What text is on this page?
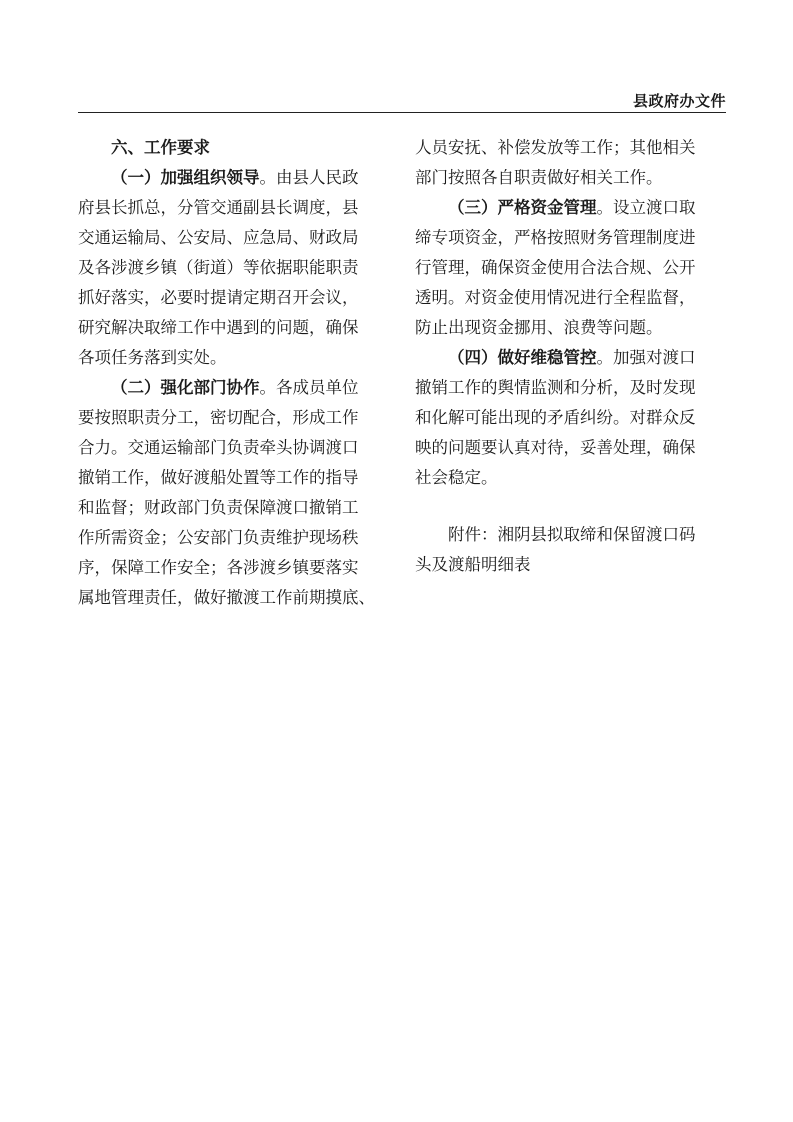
县政府办文件
六、工作要求
（一）加强组织领导。由县人民政
府县长抓总，分管交通副县长调度，县
交通运输局、公安局、应急局、财政局
及各涉渡乡镇（街道）等依据职能职责
抓好落实，必要时提请定期召开会议，
研究解决取缔工作中遇到的问题，确保
各项任务落到实处。
（二）强化部门协作。各成员单位
要按照职责分工，密切配合，形成工作
合力。交通运输部门负责牵头协调渡口
撤销工作，做好渡船处置等工作的指导
和监督；财政部门负责保障渡口撤销工
作所需资金；公安部门负责维护现场秩
序，保障工作安全；各涉渡乡镇要落实
属地管理责任，做好撤渡工作前期摸底、
人员安抚、补偿发放等工作；其他相关
部门按照各自职责做好相关工作。
（三）严格资金管理。设立渡口取
缔专项资金，严格按照财务管理制度进
行管理，确保资金使用合法合规、公开
透明。对资金使用情况进行全程监督，
防止出现资金挪用、浪费等问题。
（四）做好维稳管控。加强对渡口
撤销工作的舆情监测和分析，及时发现
和化解可能出现的矛盾纠纷。对群众反
映的问题要认真对待，妥善处理，确保
社会稳定。
附件：湘阴县拟取缔和保留渡口码
头及渡船明细表
